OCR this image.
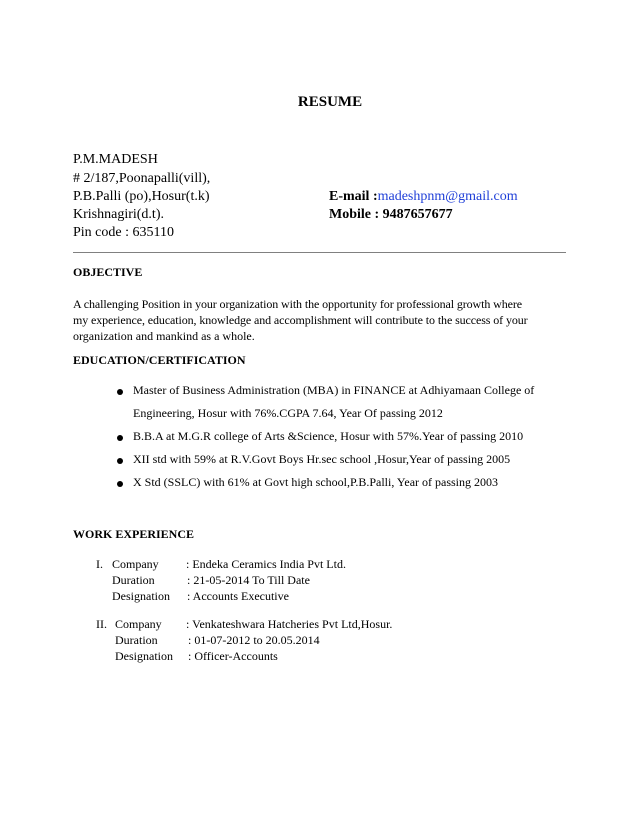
RESUME
P.M.MADESH
# 2/187,Poonapalli(vill),
P.B.Palli (po),Hosur(t.k)
Krishnagiri(d.t).
Pin code : 635110
E-mail :madeshpnm@gmail.com
Mobile : 9487657677
OBJECTIVE
A challenging Position in your organization with the opportunity for professional growth where
my experience, education, knowledge and accomplishment will contribute to the success of your
organization and mankind as a whole.
EDUCATION/CERTIFICATION
Master of Business Administration (MBA) in FINANCE at Adhiyamaan College of
Engineering, Hosur with 76%.CGPA 7.64, Year Of passing 2012
B.B.A at M.G.R college of Arts &Science, Hosur with 57%.Year of passing 2010
XII std with 59% at R.V.Govt Boys Hr.sec school ,Hosur,Year of passing 2005
X Std (SSLC) with 61% at Govt high school,P.B.Palli, Year of passing 2003
WORK EXPERIENCE
I. Company : Endeka Ceramics India Pvt Ltd.
Duration	: 21-05-2014 To Till Date
Designation : Accounts Executive
II. Company : Venkateshwara Hatcheries Pvt Ltd,Hosur.
Duration	: 01-07-2012 to 20.05.2014
Designation : Officer-Accounts
